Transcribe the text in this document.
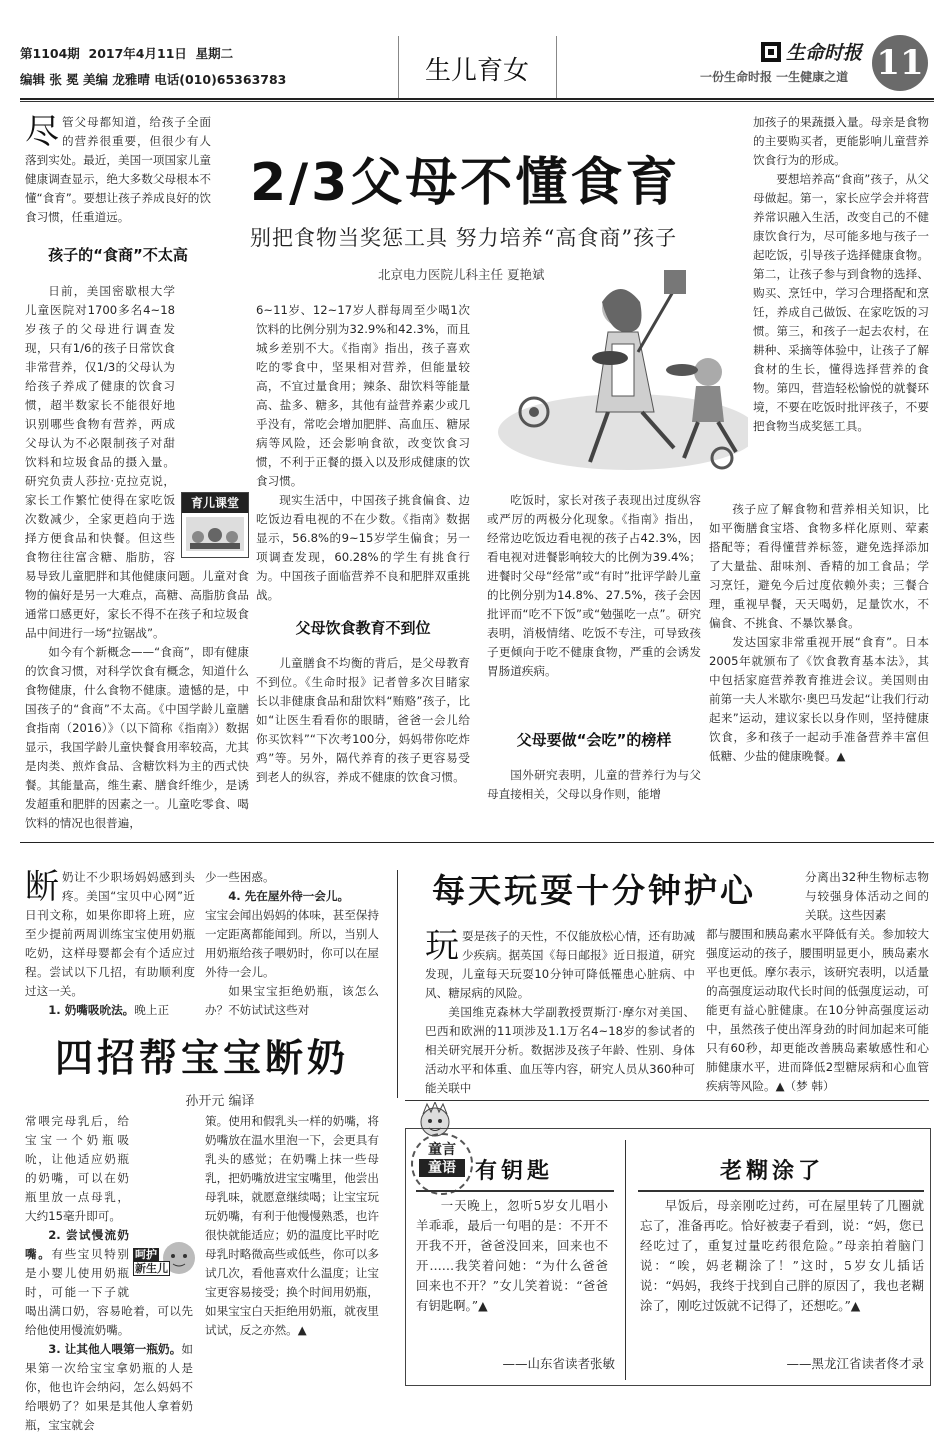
第1104期 2017年4月11日 星期二
编辑 张 冕 美编 龙雅晴 电话(010)65363783	生儿育女
生命时报
一份生命时报 一生健康之道 11
2/3父母不懂食育
别把食物当奖惩工具 努力培养“高食商”孩子
北京电力医院儿科主任 夏艳斌

尽管父母都知道，给孩子全面的营养很重要，但很少有人落到实处。最近，美国一项国家儿童健康调查显示，绝大多数父母根本不懂“食育”。要想让孩子养成良好的饮食习惯，任重道远。

孩子的“食商”不太高
育儿课堂

日前，美国密歇根大学儿童医院对1700多名4~18岁孩子的父母进行调查发现，只有1/6的孩子日常饮食非常营养，仅1/3的父母认为给孩子养成了健康的饮食习惯，超半数家长不能很好地识别哪些食物有营养，两成父母认为不必限制孩子对甜饮料和垃圾食品的摄入量。研究负责人莎拉·克拉克说，家长工作繁忙使得在家吃饭次数减少，全家更趋向于选择方便食品和快餐。但这些食物往往富含糖、脂肪，容易导致儿童肥胖和其他健康问题。儿童对食物的偏好是另一大难点，高糖、高脂肪食品通常口感更好，家长不得不在孩子和垃圾食品中间进行一场“拉锯战”。

如今有个新概念——“食商”，即有健康的饮食习惯，对科学饮食有概念，知道什么食物健康，什么食物不健康。遗憾的是，中国孩子的“食商”不太高。《中国学龄儿童膳食指南（2016）》（以下简称《指南》）数据显示，我国学龄儿童快餐食用率较高，尤其是肉类、煎炸食品、含糖饮料为主的西式快餐。其能量高，维生素、膳食纤维少，是诱发超重和肥胖的因素之一。儿童吃零食、喝饮料的情况也很普遍，

6~11岁、12~17岁人群每周至少喝1次饮料的比例分别为32.9%和42.3%，而且城乡差别不大。《指南》指出，孩子喜欢吃的零食中，坚果相对营养，但能量较高，不宜过量食用；辣条、甜饮料等能量高、盐多、糖多，其他有益营养素少或几乎没有，常吃会增加肥胖、高血压、糖尿病等风险，还会影响食欲，改变饮食习惯，不利于正餐的摄入以及形成健康的饮食习惯。

现实生活中，中国孩子挑食偏食、边吃饭边看电视的不在少数。《指南》数据显示，56.8%的9~15岁学生偏食；另一项调查发现，60.28%的学生有挑食行为。中国孩子面临营养不良和肥胖双重挑战。

父母饮食教育不到位

儿童膳食不均衡的背后，是父母教育不到位。《生命时报》记者曾多次目睹家长以非健康食品和甜饮料“贿赂”孩子，比如“让医生看看你的眼睛，爸爸一会儿给你买饮料”“下次考100分，妈妈带你吃炸鸡”等。另外，隔代养育的孩子更容易受到老人的纵容，养成不健康的饮食习惯。

吃饭时，家长对孩子表现出过度纵容或严厉的两极分化现象。《指南》指出，经常边吃饭边看电视的孩子占42.3%，因看电视对进餐影响较大的比例为39.4%；进餐时父母“经常”或“有时”批评学龄儿童的比例分别为14.8%、27.5%，孩子会因批评而“吃不下饭”或“勉强吃一点”。研究表明，消极情绪、吃饭不专注，可导致孩子更倾向于吃不健康食物，严重的会诱发胃肠道疾病。

父母要做“会吃”的榜样

国外研究表明，儿童的营养行为与父母直接相关，父母以身作则，能增

加孩子的果蔬摄入量。母亲是食物的主要购买者，更能影响儿童营养饮食行为的形成。

要想培养高“食商”孩子，从父母做起。第一，家长应学会并将营养常识融入生活，改变自己的不健康饮食行为，尽可能多地与孩子一起吃饭，引导孩子选择健康食物。第二，让孩子参与到食物的选择、购买、烹饪中，学习合理搭配和烹饪，养成自己做饭、在家吃饭的习惯。第三，和孩子一起去农村，在耕种、采摘等体验中，让孩子了解食材的生长，懂得选择营养的食物。第四，营造轻松愉悦的就餐环境，不要在吃饭时批评孩子，不要把食物当成奖惩工具。

孩子应了解食物和营养相关知识，比如平衡膳食宝塔、食物多样化原则、荤素搭配等；看得懂营养标签，避免选择添加了大量盐、甜味剂、香精的加工食品；学习烹饪，避免今后过度依赖外卖；三餐合理，重视早餐，天天喝奶，足量饮水，不偏食、不挑食、不暴饮暴食。

发达国家非常重视开展“食育”。日本2005年就颁布了《饮食教育基本法》，其中包括家庭营养教育推进会议。美国则由前第一夫人米歇尔·奥巴马发起“让我们行动起来”运动，建议家长以身作则，坚持健康饮食，多和孩子一起动手准备营养丰富但低糖、少盐的健康晚餐。▲

断奶让不少职场妈妈感到头疼。美国“宝贝中心网”近日刊文称，如果你即将上班，应至少提前两周训练宝宝使用奶瓶吃奶，这样母婴都会有个适应过程。尝试以下几招，有助顺利度过这一关。

1. 奶嘴吸吮法。晚上正

少一些困惑。

4. 先在屋外待一会儿。

宝宝会闻出妈妈的体味，甚至保持一定距离都能闻到。所以，当别人用奶瓶给孩子喂奶时，你可以在屋外待一会儿。

如果宝宝拒绝奶瓶，该怎么办？不妨试试这些对

四招帮宝宝断奶
孙开元 编译
呵护
新生儿

常喂完母乳后，给宝宝一个奶瓶吸吮，让他适应奶瓶的奶嘴，可以在奶瓶里放一点母乳，大约15毫升即可。

2. 尝试慢流奶嘴。有些宝贝特别是小婴儿使用奶瓶时，可能一下子就喝出满口奶，容易呛着，可以先给他使用慢流奶嘴。

3. 让其他人喂第一瓶奶。如果第一次给宝宝拿奶瓶的人是你，他也许会纳闷，怎么妈妈不给喂奶了？如果是其他人拿着奶瓶，宝宝就会

策。使用和假乳头一样的奶嘴，将奶嘴放在温水里泡一下，会更具有乳头的感觉；在奶嘴上抹一些母乳，把奶嘴放进宝宝嘴里，他尝出母乳味，就愿意继续喝；让宝宝玩玩奶嘴，有利于他慢慢熟悉，也许很快就能适应；奶的温度比平时吃母乳时略微高些或低些，你可以多试几次，看他喜欢什么温度；让宝宝更容易接受；换个时间用奶瓶，如果宝宝白天拒绝用奶瓶，就夜里试试，反之亦然。▲

每天玩耍十分钟护心

玩耍是孩子的天性，不仅能放松心情，还有助减少疾病。据英国《每日邮报》近日报道，研究发现，儿童每天玩耍10分钟可降低罹患心脏病、中风、糖尿病的风险。

美国维克森林大学副教授贾斯汀·摩尔对美国、巴西和欧洲的11项涉及1.1万名4~18岁的参试者的相关研究展开分析。数据涉及孩子年龄、性别、身体活动水平和体重、血压等内容，研究人员从360种可能关联中

分离出32种生物标志物与较强身体活动之间的关联。这些因素

都与腰围和胰岛素水平降低有关。参加较大强度运动的孩子，腰围明显更小，胰岛素水平也更低。摩尔表示，该研究表明，以适量的高强度运动取代长时间的低强度运动，可能更有益心脏健康。在10分钟高强度运动中，虽然孩子使出浑身劲的时间加起来可能只有60秒，却更能改善胰岛素敏感性和心肺健康水平，进而降低2型糖尿病和心血管疾病等风险。▲（梦 韩）

童言
童语 有钥匙

一天晚上，忽听5岁女儿唱小羊乖乖，最后一句唱的是：不开不开我不开，爸爸没回来，回来也不开……我笑着问她：“为什么爸爸回来也不开？”女儿笑着说：“爸爸有钥匙啊。”▲

——山东省读者张敏
老糊涂了

早饭后，母亲刚吃过药，可在屋里转了几圈就忘了，准备再吃。恰好被妻子看到，说：“妈，您已经吃过了，重复过量吃药很危险。”母亲拍着脑门说：“唉，妈老糊涂了！”这时，5岁女儿插话说：“妈妈，我终于找到自己胖的原因了，我也老糊涂了，刚吃过饭就不记得了，还想吃。”▲

——黑龙江省读者佟才录
